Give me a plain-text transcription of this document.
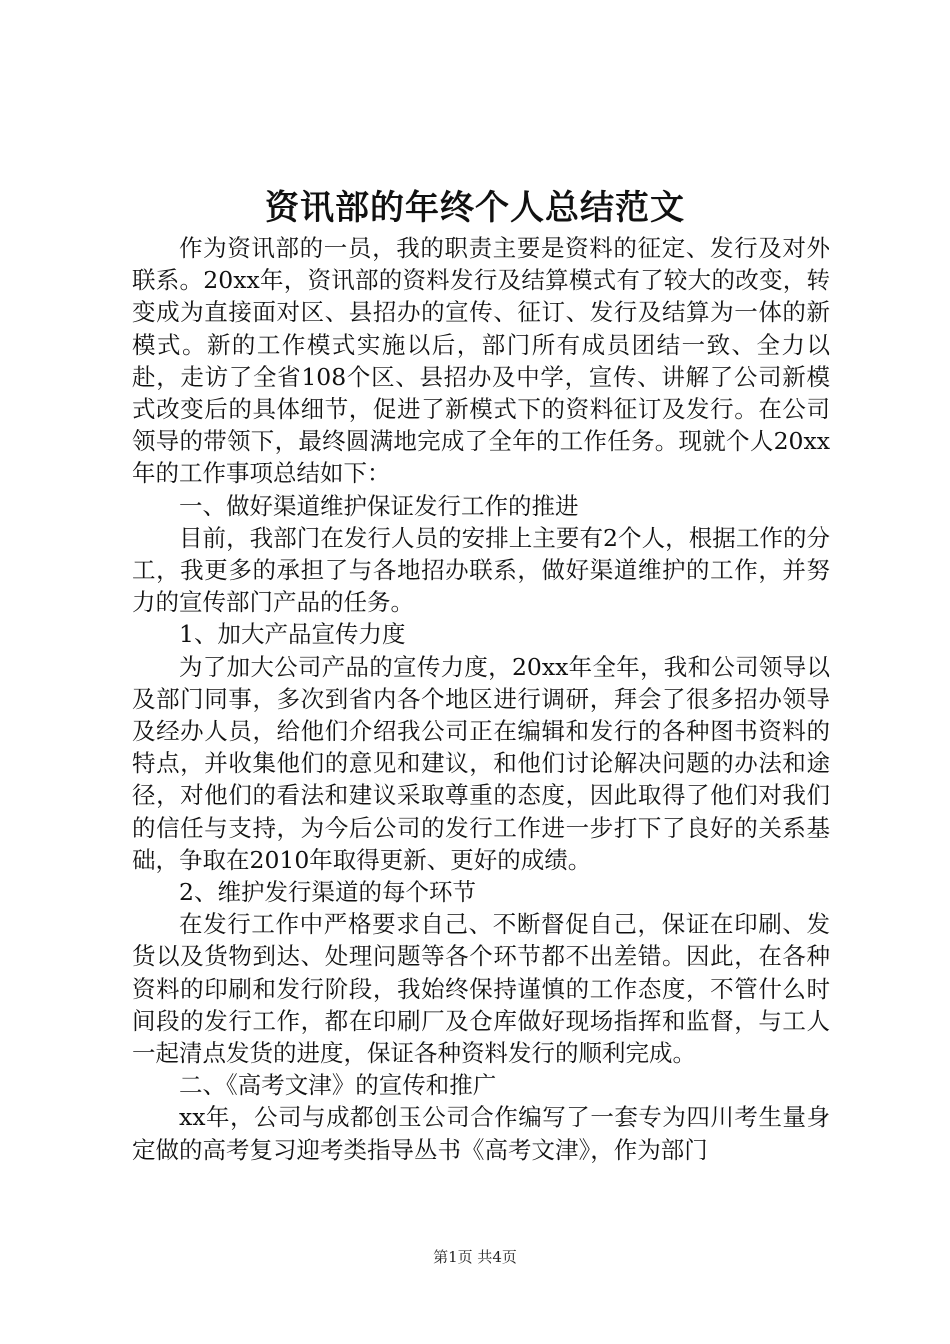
资讯部的年终个人总结范文

作为资讯部的一员，我的职责主要是资料的征定、发行及对外联系。20xx年，资讯部的资料发行及结算模式有了较大的改变，转变成为直接面对区、县招办的宣传、征订、发行及结算为一体的新模式。新的工作模式实施以后，部门所有成员团结一致、全力以赴，走访了全省108个区、县招办及中学，宣传、讲解了公司新模式改变后的具体细节，促进了新模式下的资料征订及发行。在公司领导的带领下，最终圆满地完成了全年的工作任务。现就个人20xx年的工作事项总结如下：

一、做好渠道维护保证发行工作的推进

目前，我部门在发行人员的安排上主要有2个人，根据工作的分工，我更多的承担了与各地招办联系，做好渠道维护的工作，并努力的宣传部门产品的任务。

1、加大产品宣传力度

为了加大公司产品的宣传力度，20xx年全年，我和公司领导以及部门同事，多次到省内各个地区进行调研，拜会了很多招办领导及经办人员，给他们介绍我公司正在编辑和发行的各种图书资料的特点，并收集他们的意见和建议，和他们讨论解决问题的办法和途径，对他们的看法和建议采取尊重的态度，因此取得了他们对我们的信任与支持，为今后公司的发行工作进一步打下了良好的关系基础，争取在2010年取得更新、更好的成绩。

2、维护发行渠道的每个环节

在发行工作中严格要求自己、不断督促自己，保证在印刷、发货以及货物到达、处理问题等各个环节都不出差错。因此，在各种资料的印刷和发行阶段，我始终保持谨慎的工作态度，不管什么时间段的发行工作，都在印刷厂及仓库做好现场指挥和监督，与工人一起清点发货的进度，保证各种资料发行的顺利完成。

二、《高考文津》的宣传和推广

xx年，公司与成都创玉公司合作编写了一套专为四川考生量身定做的高考复习迎考类指导丛书《高考文津》，作为部门

第1页 共4页
